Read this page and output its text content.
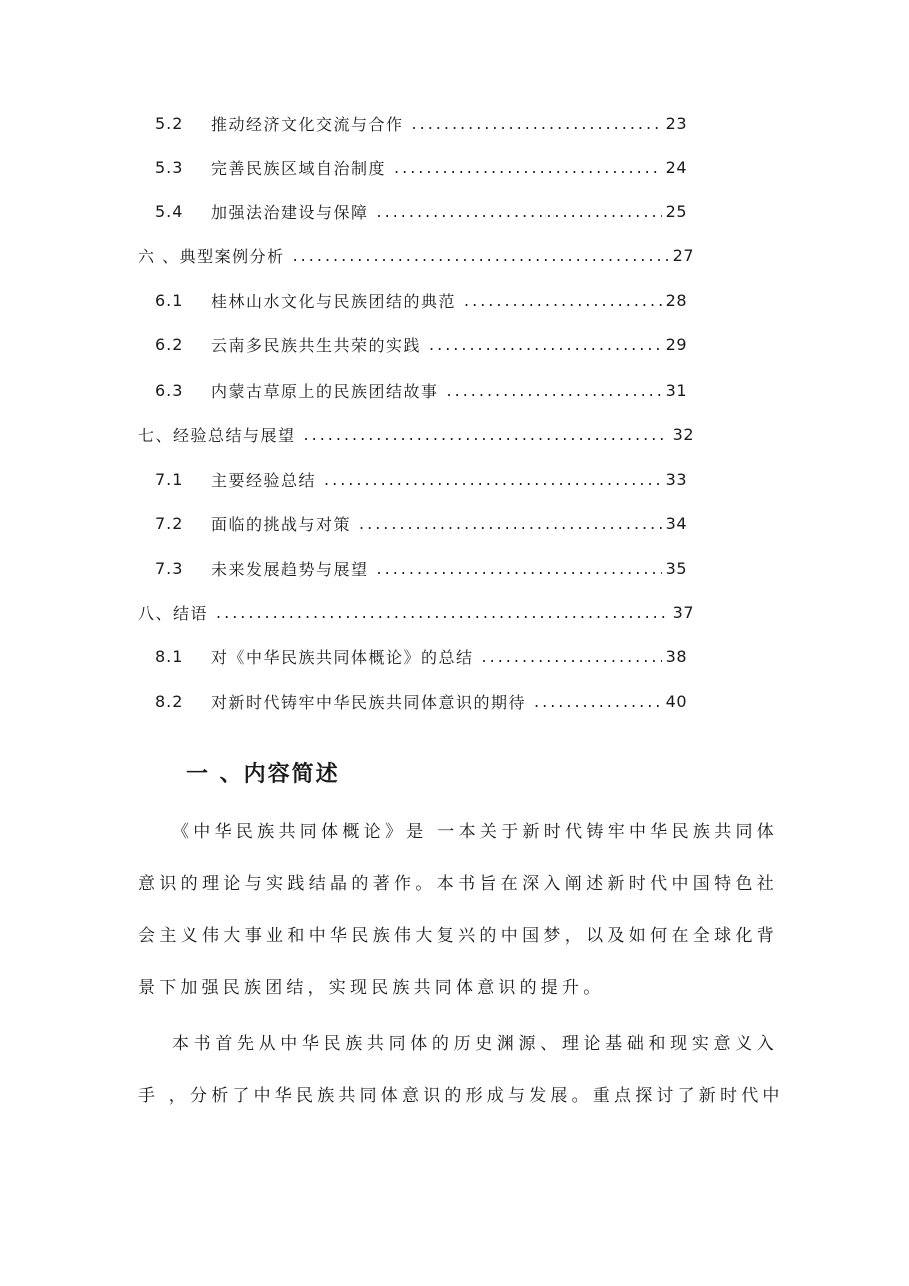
5.2	推动经济文化交流与合作 .....	23
5.3	完善民族区域自治制度 .....	24
5.4	加强法治建设与保障 .....	25
六 、典型案例分析 .....	27
6.1	桂林山水文化与民族团结的典范 .....	28
6.2	云南多民族共生共荣的实践 .....	29
6.3	内蒙古草原上的民族团结故事 .....	31
七、经验总结与展望 .....	32
7.1	主要经验总结 .....	33
7.2	面临的挑战与对策 .....	34
7.3	未来发展趋势与展望 .....	35
八、结语 .....	37
8.1	对《中华民族共同体概论》的总结 .....	38
8.2	对新时代铸牢中华民族共同体意识的期待 .....	40
一 、内容简述
《中华民族共同体概论》是 一本关于新时代铸牢中华民族共同体
意识的理论与实践结晶的著作。本书旨在深入阐述新时代中国特色社
会主义伟大事业和中华民族伟大复兴的中国梦，以及如何在全球化背
景下加强民族团结，实现民族共同体意识的提升。
本书首先从中华民族共同体的历史渊源、理论基础和现实意义入
手 ，分析了中华民族共同体意识的形成与发展。重点探讨了新时代中
